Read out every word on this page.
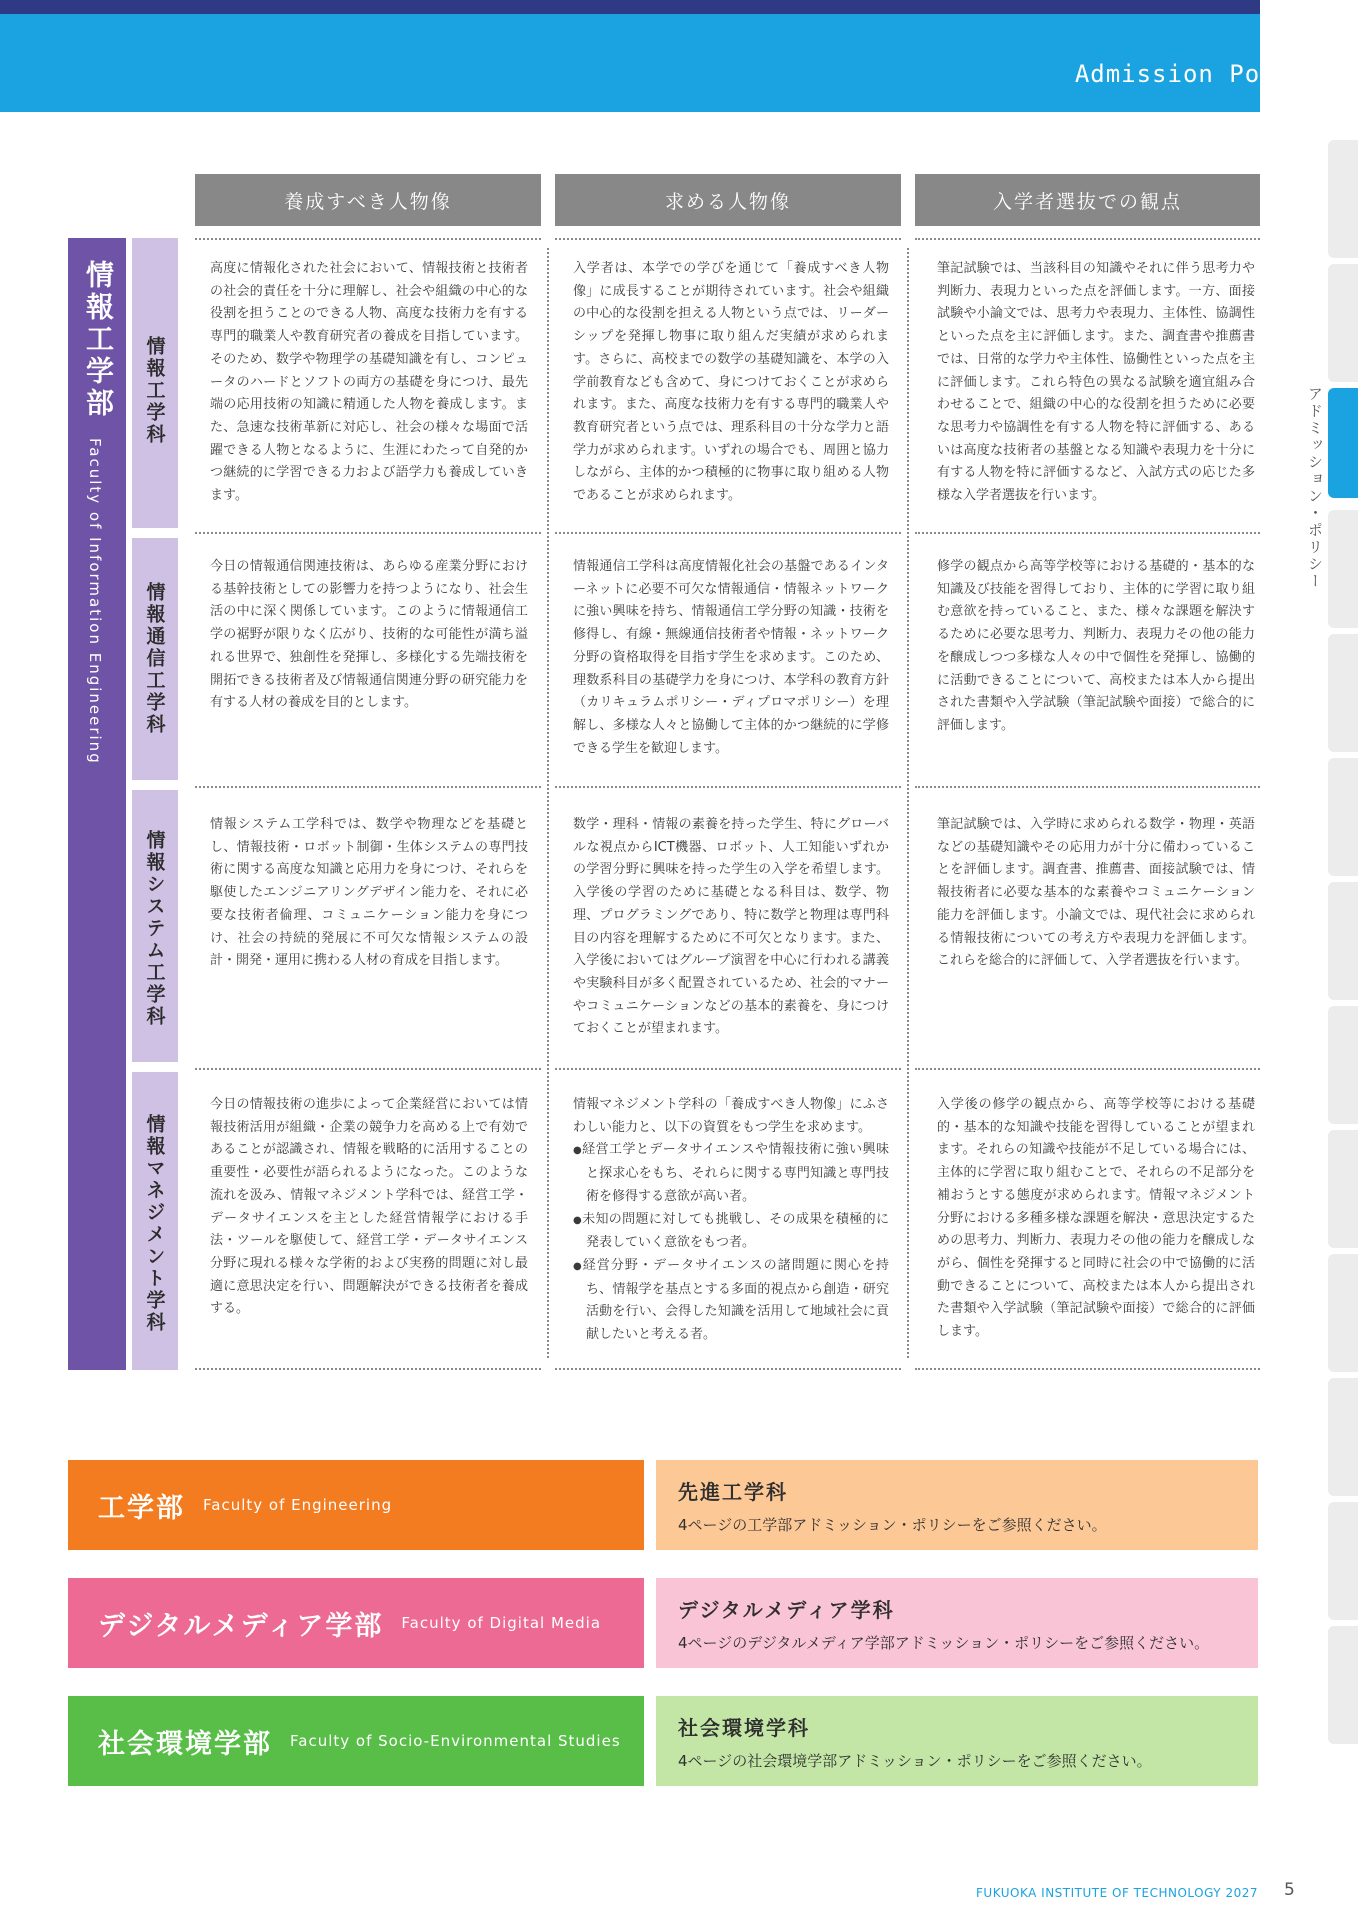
Admission Policy
アドミッション・ポリシー
養成すべき人物像	求める人物像	入学者選抜での観点
情報工学部
Faculty of Information Engineering
情報工学科
情報通信工学科
情報システム工学科
情報マネジメント学科
高度に情報化された社会において、情報技術と技術者の社会的責任を十分に理解し、社会や組織の中心的な役割を担うことのできる人物、高度な技術力を有する専門的職業人や教育研究者の養成を目指しています。そのため、数学や物理学の基礎知識を有し、コンピュータのハードとソフトの両方の基礎を身につけ、最先端の応用技術の知識に精通した人物を養成します。また、急速な技術革新に対応し、社会の様々な場面で活躍できる人物となるように、生涯にわたって自発的かつ継続的に学習できる力および語学力も養成していきます。
入学者は、本学での学びを通じて「養成すべき人物像」に成長することが期待されています。社会や組織の中心的な役割を担える人物という点では、リーダーシップを発揮し物事に取り組んだ実績が求められます。さらに、高校までの数学の基礎知識を、本学の入学前教育なども含めて、身につけておくことが求められます。また、高度な技術力を有する専門的職業人や教育研究者という点では、理系科目の十分な学力と語学力が求められます。いずれの場合でも、周囲と協力しながら、主体的かつ積極的に物事に取り組める人物であることが求められます。
筆記試験では、当該科目の知識やそれに伴う思考力や判断力、表現力といった点を評価します。一方、面接試験や小論文では、思考力や表現力、主体性、協調性といった点を主に評価します。また、調査書や推薦書では、日常的な学力や主体性、協働性といった点を主に評価します。これら特色の異なる試験を適宜組み合わせることで、組織の中心的な役割を担うために必要な思考力や協調性を有する人物を特に評価する、あるいは高度な技術者の基盤となる知識や表現力を十分に有する人物を特に評価するなど、入試方式の応じた多様な入学者選抜を行います。
今日の情報通信関連技術は、あらゆる産業分野における基幹技術としての影響力を持つようになり、社会生活の中に深く関係しています。このように情報通信工学の裾野が限りなく広がり、技術的な可能性が満ち溢れる世界で、独創性を発揮し、多様化する先端技術を開拓できる技術者及び情報通信関連分野の研究能力を有する人材の養成を目的とします。
情報通信工学科は高度情報化社会の基盤であるインターネットに必要不可欠な情報通信・情報ネットワークに強い興味を持ち、情報通信工学分野の知識・技術を修得し、有線・無線通信技術者や情報・ネットワーク分野の資格取得を目指す学生を求めます。このため、理数系科目の基礎学力を身につけ、本学科の教育方針（カリキュラムポリシー・ディプロマポリシー）を理解し、多様な人々と協働して主体的かつ継続的に学修できる学生を歓迎します。
修学の観点から高等学校等における基礎的・基本的な知識及び技能を習得しており、主体的に学習に取り組む意欲を持っていること、また、様々な課題を解決するために必要な思考力、判断力、表現力その他の能力を醸成しつつ多様な人々の中で個性を発揮し、協働的に活動できることについて、高校または本人から提出された書類や入学試験（筆記試験や面接）で総合的に評価します。
情報システム工学科では、数学や物理などを基礎とし、情報技術・ロボット制御・生体システムの専門技術に関する高度な知識と応用力を身につけ、それらを駆使したエンジニアリングデザイン能力を、それに必要な技術者倫理、コミュニケーション能力を身につけ、社会の持続的発展に不可欠な情報システムの設計・開発・運用に携わる人材の育成を目指します。
数学・理科・情報の素養を持った学生、特にグローバルな視点からICT機器、ロボット、人工知能いずれかの学習分野に興味を持った学生の入学を希望します。入学後の学習のために基礎となる科目は、数学、物理、プログラミングであり、特に数学と物理は専門科目の内容を理解するために不可欠となります。また、入学後においてはグループ演習を中心に行われる講義や実験科目が多く配置されているため、社会的マナーやコミュニケーションなどの基本的素養を、身につけておくことが望まれます。
筆記試験では、入学時に求められる数学・物理・英語などの基礎知識やその応用力が十分に備わっていることを評価します。調査書、推薦書、面接試験では、情報技術者に必要な基本的な素養やコミュニケーション能力を評価します。小論文では、現代社会に求められる情報技術についての考え方や表現力を評価します。これらを総合的に評価して、入学者選抜を行います。
今日の情報技術の進歩によって企業経営においては情報技術活用が組織・企業の競争力を高める上で有効であることが認識され、情報を戦略的に活用することの重要性・必要性が語られるようになった。このような流れを汲み、情報マネジメント学科では、経営工学・データサイエンスを主とした経営情報学における手法・ツールを駆使して、経営工学・データサイエンス分野に現れる様々な学術的および実務的問題に対し最適に意思決定を行い、問題解決ができる技術者を養成する。
情報マネジメント学科の「養成すべき人物像」にふさわしい能力と、以下の資質をもつ学生を求めます。
● 経営工学とデータサイエンスや情報技術に強い興味と探求心をもち、それらに関する専門知識と専門技術を修得する意欲が高い者。
● 未知の問題に対しても挑戦し、その成果を積極的に発表していく意欲をもつ者。
● 経営分野・データサイエンスの諸問題に関心を持ち、情報学を基点とする多面的視点から創造・研究活動を行い、会得した知識を活用して地域社会に貢献したいと考える者。
入学後の修学の観点から、高等学校等における基礎的・基本的な知識や技能を習得していることが望まれます。それらの知識や技能が不足している場合には、主体的に学習に取り組むことで、それらの不足部分を補おうとする態度が求められます。情報マネジメント分野における多種多様な課題を解決・意思決定するための思考力、判断力、表現力その他の能力を醸成しながら、個性を発揮すると同時に社会の中で協働的に活動できることについて、高校または本人から提出された書類や入学試験（筆記試験や面接）で総合的に評価します。
工学部 Faculty of Engineering
先進工学科
4ページの工学部アドミッション・ポリシーをご参照ください。
デジタルメディア学部 Faculty of Digital Media
デジタルメディア学科
4ページのデジタルメディア学部アドミッション・ポリシーをご参照ください。
社会環境学部 Faculty of Socio-Environmental Studies
社会環境学科
4ページの社会環境学部アドミッション・ポリシーをご参照ください。
FUKUOKA INSTITUTE OF TECHNOLOGY 2027 5
